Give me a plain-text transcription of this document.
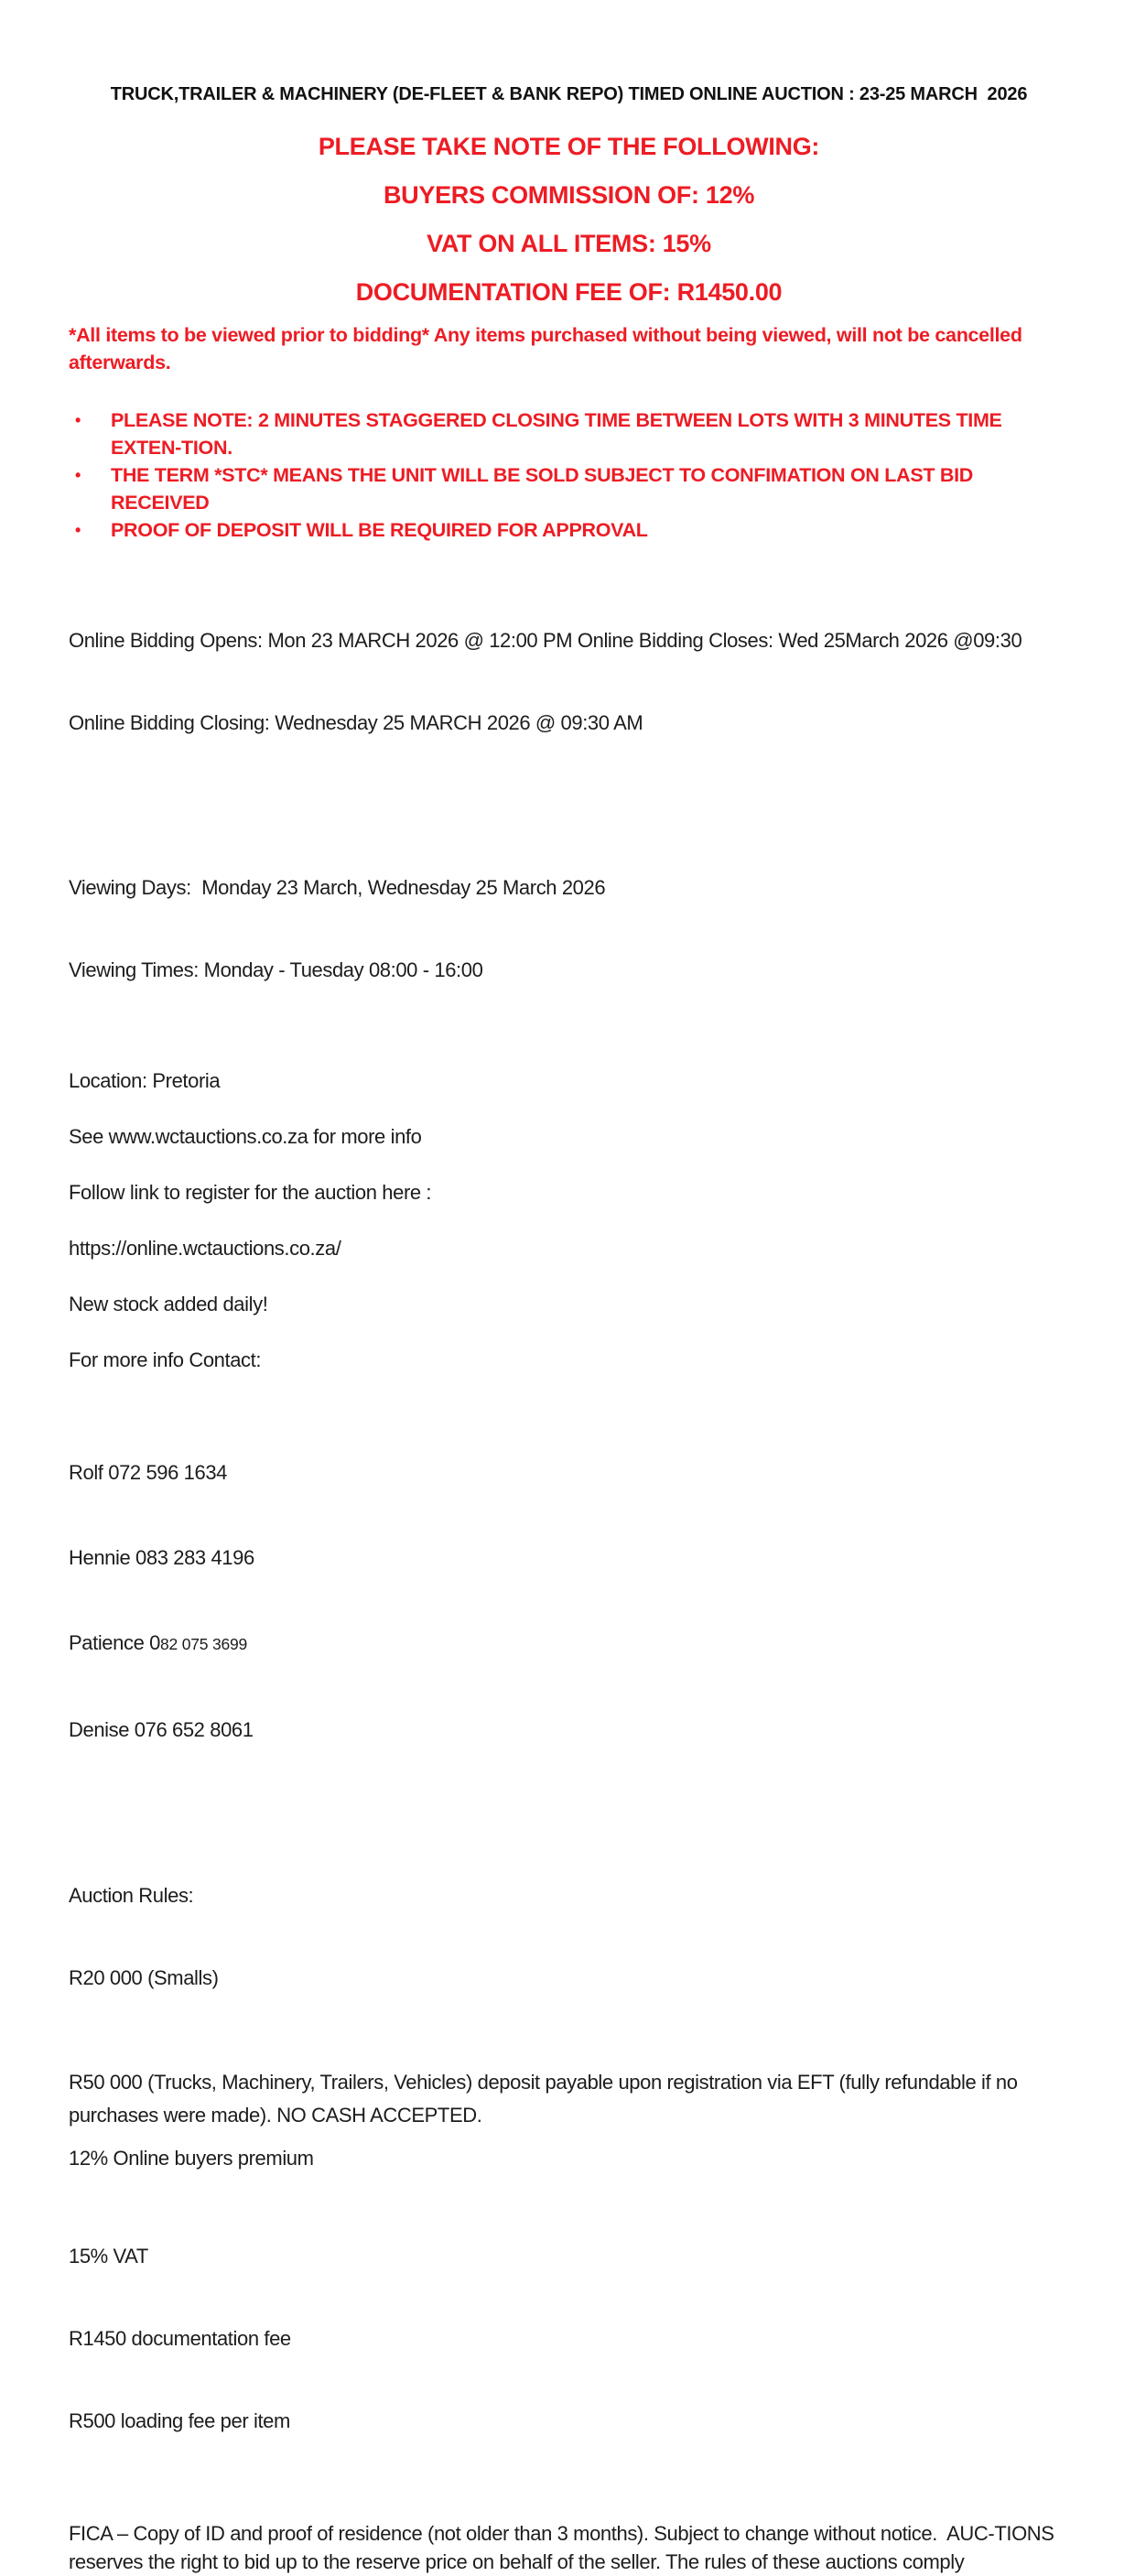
TRUCK,TRAILER & MACHINERY (DE-FLEET & BANK REPO) TIMED ONLINE AUCTION : 23-25 MARCH  2026
PLEASE TAKE NOTE OF THE FOLLOWING:
BUYERS COMMISSION OF: 12%
VAT ON ALL ITEMS: 15%
DOCUMENTATION FEE OF: R1450.00
*All items to be viewed prior to bidding* Any items purchased without being viewed, will not be cancelled afterwards.
•	PLEASE NOTE: 2 MINUTES STAGGERED CLOSING TIME BETWEEN LOTS WITH 3 MINUTES TIME EXTEN-TION.
•	THE TERM *STC* MEANS THE UNIT WILL BE SOLD SUBJECT TO CONFIMATION ON LAST BID RECEIVED
•	PROOF OF DEPOSIT WILL BE REQUIRED FOR APPROVAL

Online Bidding Opens: Mon 23 MARCH 2026 @ 12:00 PM Online Bidding Closes: Wed 25March 2026 @09:30

Online Bidding Closing: Wednesday 25 MARCH 2026 @ 09:30 AM

Viewing Days:  Monday 23 March, Wednesday 25 March 2026

Viewing Times: Monday - Tuesday 08:00 - 16:00

Location: Pretoria
See www.wctauctions.co.za for more info
Follow link to register for the auction here :
https://online.wctauctions.co.za/
New stock added daily!
For more info Contact:

Rolf 072 596 1634

Hennie 083 283 4196

Patience 082 075 3699

Denise 076 652 8061

Auction Rules:

R20 000 (Smalls)

R50 000 (Trucks, Machinery, Trailers, Vehicles) deposit payable upon registration via EFT (fully refundable if no purchases were made). NO CASH ACCEPTED.
12% Online buyers premium

15% VAT

R1450 documentation fee

R500 loading fee per item

FICA – Copy of ID and proof of residence (not older than 3 months). Subject to change without notice.  AUC-TIONS reserves the right to bid up to the reserve price on behalf of the seller. The rules of these auctions comply
